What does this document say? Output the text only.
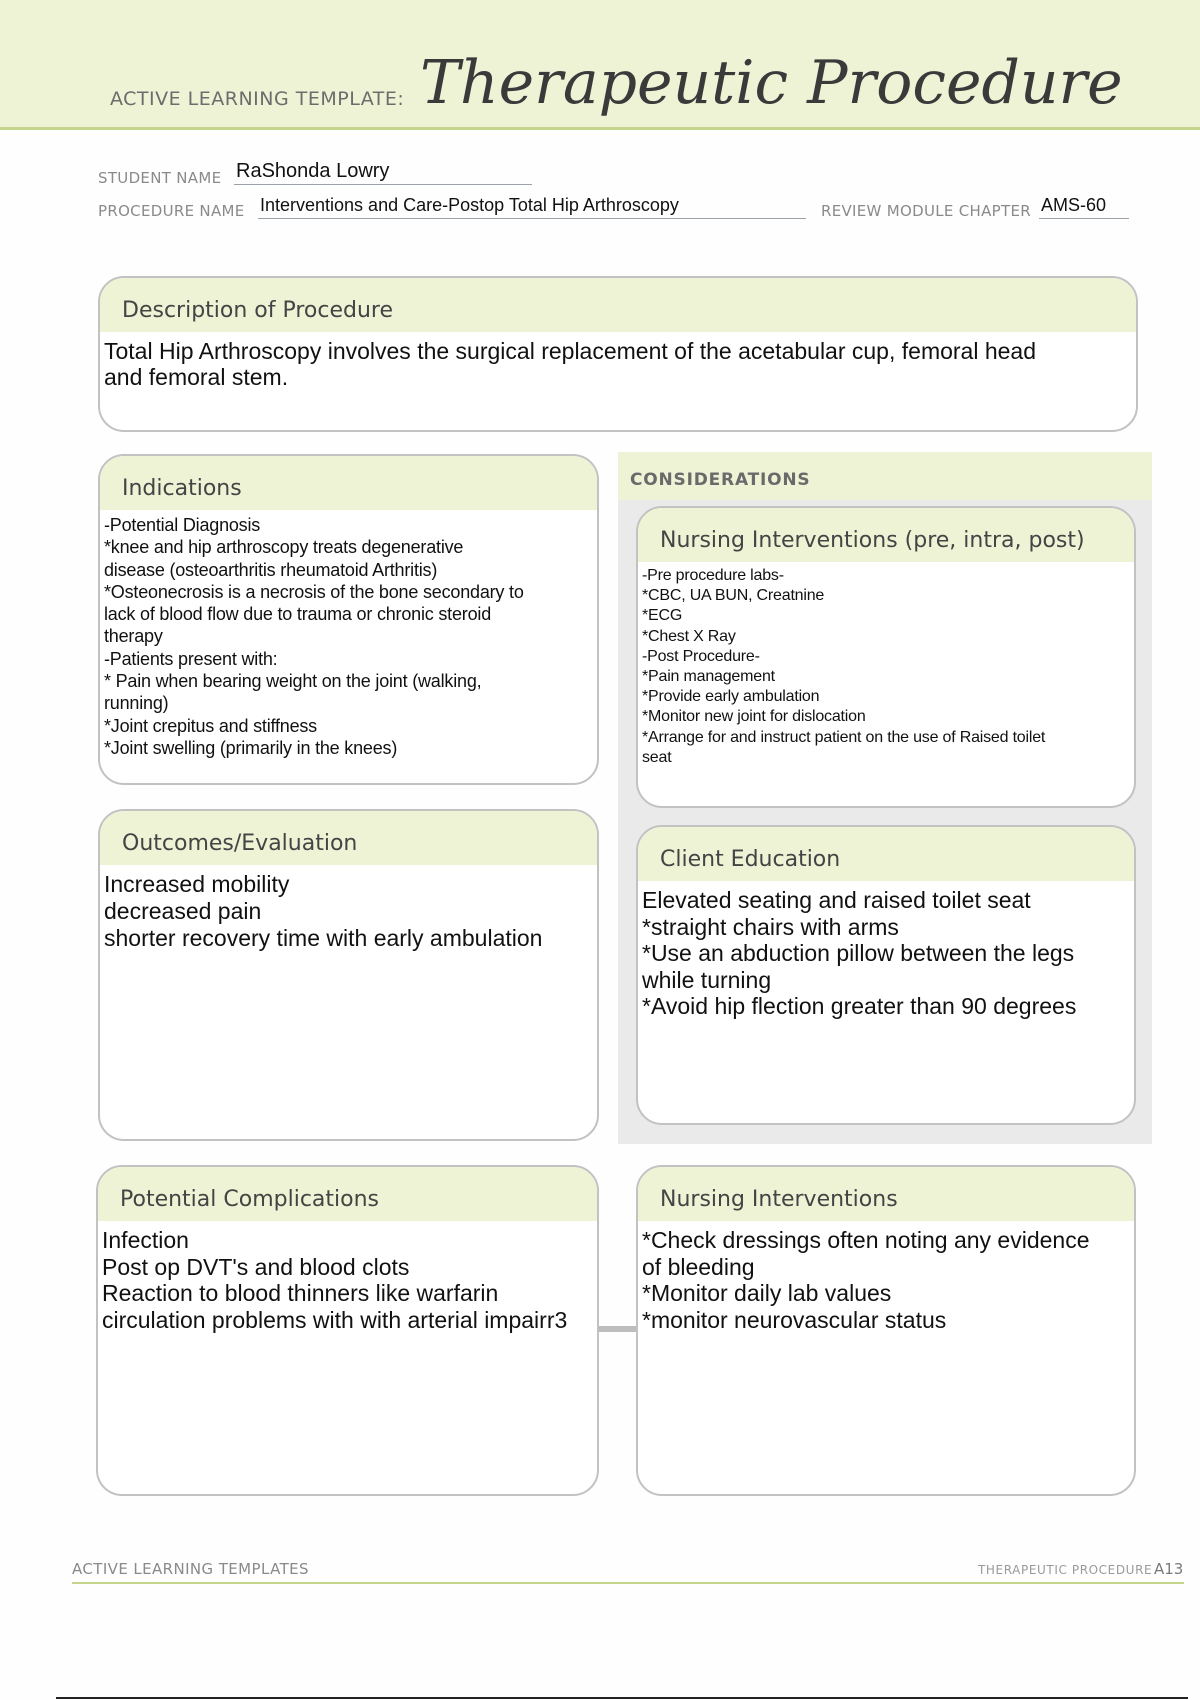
ACTIVE LEARNING TEMPLATE: Therapeutic Procedure
STUDENT NAME RaShonda Lowry
PROCEDURE NAME Interventions and Care-Postop Total Hip Arthroscopy	REVIEW MODULE CHAPTER AMS-60
Description of Procedure
Total Hip Arthroscopy involves the surgical replacement of the acetabular cup, femoral head
and femoral stem.
CONSIDERATIONS
Indications
-Potential Diagnosis
*knee and hip arthroscopy treats degenerative
disease (osteoarthritis rheumatoid Arthritis)
*Osteonecrosis is a necrosis of the bone secondary to
lack of blood flow due to trauma or chronic steroid
therapy
-Patients present with:
* Pain when bearing weight on the joint (walking,
running)
*Joint crepitus and stiffness
*Joint swelling (primarily in the knees)
Nursing Interventions (pre, intra, post)
-Pre procedure labs-
*CBC, UA BUN, Creatnine
*ECG
*Chest X Ray
-Post Procedure-
*Pain management
*Provide early ambulation
*Monitor new joint for dislocation
*Arrange for and instruct patient on the use of Raised toilet
seat
Outcomes/Evaluation
Increased mobility
decreased pain
shorter recovery time with early ambulation
Client Education
Elevated seating and raised toilet seat
*straight chairs with arms
*Use an abduction pillow between the legs
while turning
*Avoid hip flection greater than 90 degrees
Potential Complications
Infection
Post op DVT's and blood clots
Reaction to blood thinners like warfarin
circulation problems with with arterial impairr3
Nursing Interventions
*Check dressings often noting any evidence
of bleeding
*Monitor daily lab values
*monitor neurovascular status
ACTIVE LEARNING TEMPLATES	THERAPEUTIC PROCEDURE A13
